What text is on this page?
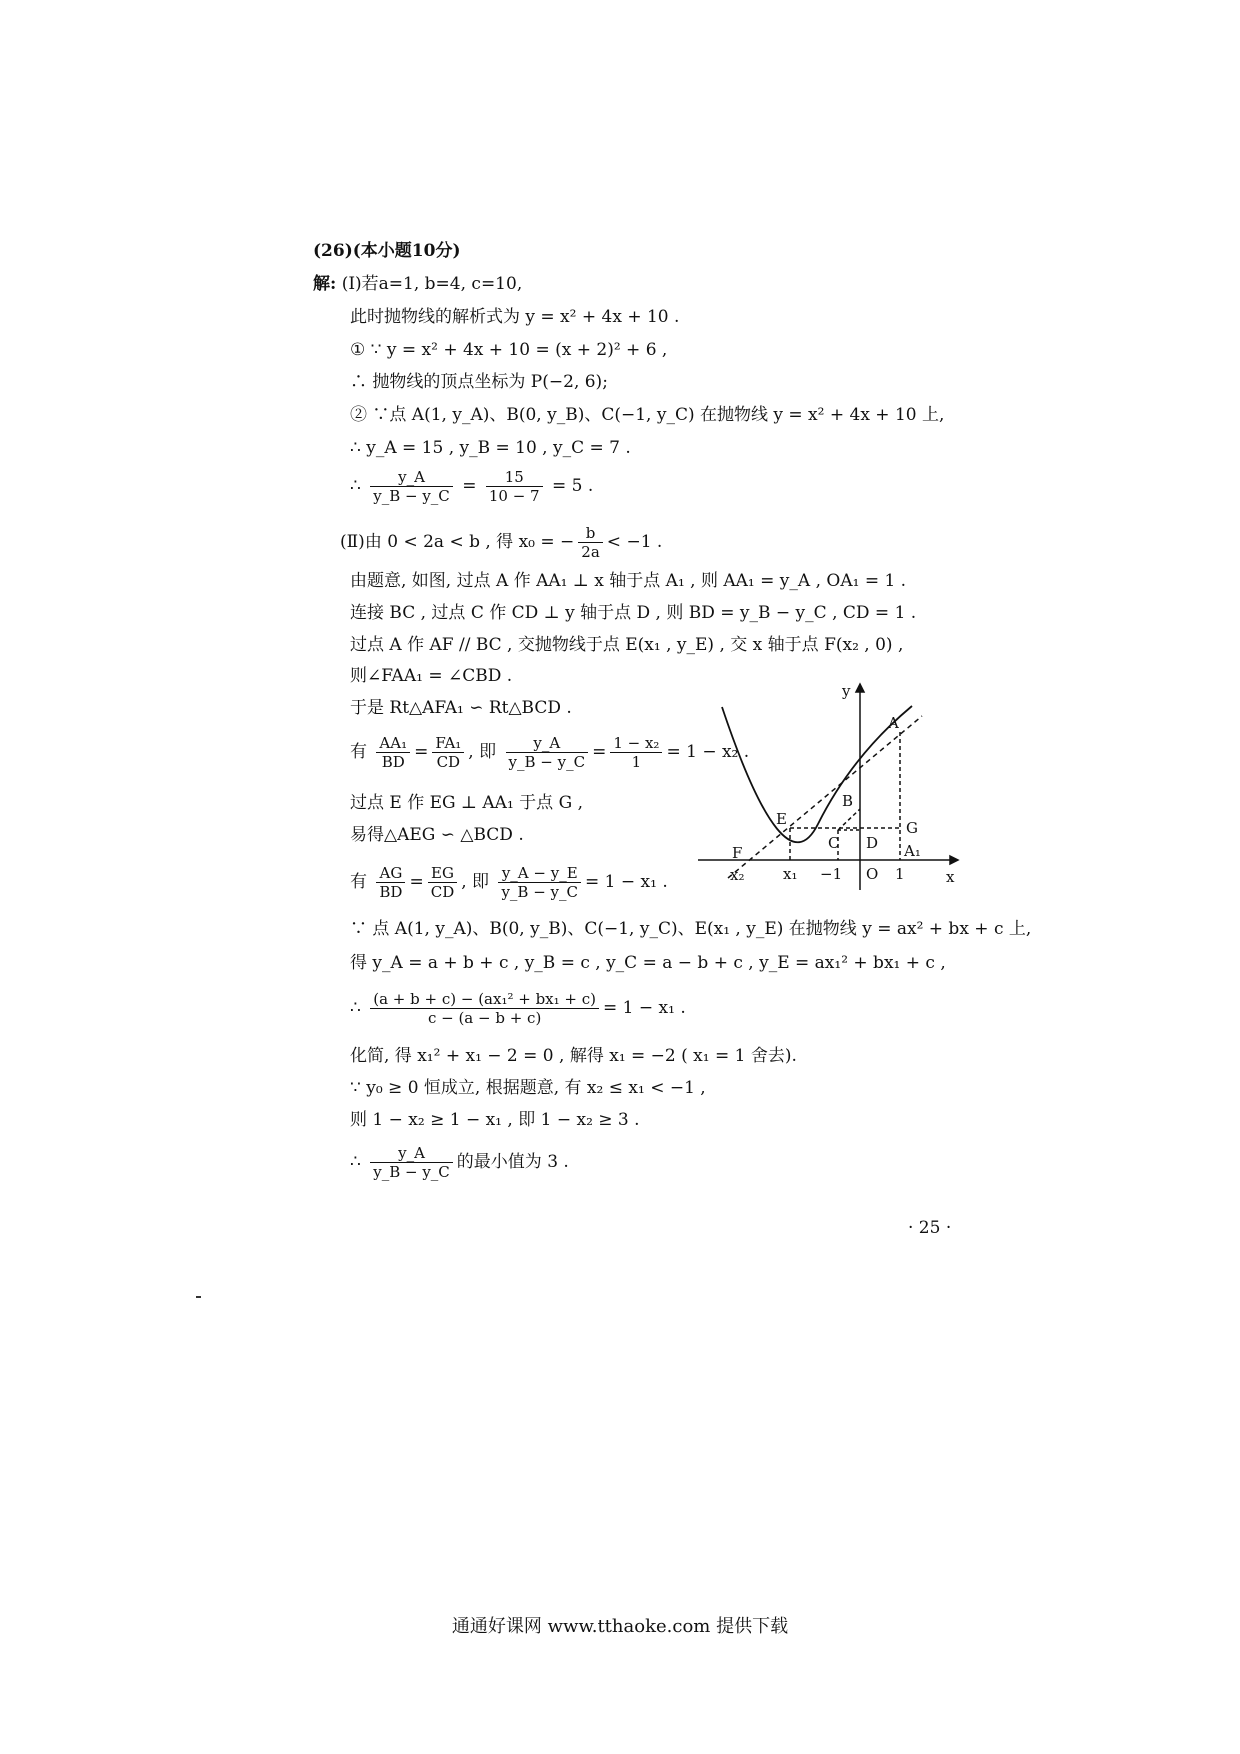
(26)(本小题10分)
解: (Ⅰ)若a=1, b=4, c=10,
此时抛物线的解析式为 y = x² + 4x + 10 .
① ∵ y = x² + 4x + 10 = (x + 2)² + 6 ,
∴ 抛物线的顶点坐标为 P(−2, 6);
② ∵点 A(1, y_A)、B(0, y_B)、C(−1, y_C) 在抛物线 y = x² + 4x + 10 上,
∴ y_A = 15 , y_B = 10 , y_C = 7 .
∴ $\frac{y\_A}{y\_B - y\_C} = \frac{15}{10 - 7} = 5$ .
(Ⅱ)由 0 < 2a < b , 得 x₀ = − $\frac{b}{2a} < -1$ .
由题意, 如图, 过点 A 作 AA₁ ⊥ x 轴于点 A₁ , 则 AA₁ = y_A , OA₁ = 1 .
连接 BC , 过点 C 作 CD ⊥ y 轴于点 D , 则 BD = y_B − y_C , CD = 1 .
过点 A 作 AF // BC , 交抛物线于点 E(x₁ , y_E) , 交 x 轴于点 F(x₂ , 0) ,
则∠FAA₁ = ∠CBD .
于是 Rt△AFA₁ ∽ Rt△BCD .
有 $\frac{\text{AA₁}}{BD} = \frac{\text{FA₁}}{CD}$ , 即 $\frac{y\_A}{y\_B - y\_C} = \frac{\text{1 − x₂}}{1} = 1 - x_2$ .
过点 E 作 EG ⊥ AA₁ 于点 G ,
易得△AEG ∽ △BCD .
有 $\frac{AG}{BD} = \frac{EG}{CD}$ , 即 $\frac{y\_A - y\_E}{y\_B - y\_C} = 1 - x_1$ .
∵ 点 A(1, y_A)、B(0, y_B)、C(−1, y_C)、E(x₁ , y_E) 在抛物线 y = ax² + bx + c 上,
得 y_A = a + b + c , y_B = c , y_C = a − b + c , y_E = ax₁² + bx₁ + c ,
∴ $\frac{\text{(a + b + c) − (ax₁² + bx₁ + c)}}{c - (a - b + c)} = 1 - x_1$ .
化简, 得 x₁² + x₁ − 2 = 0 , 解得 x₁ = −2 ( x₁ = 1 舍去).
∵ y₀ ≥ 0 恒成立, 根据题意, 有 x₂ ≤ x₁ < −1 ,
则 1 − x₂ ≥ 1 − x₁ , 即 1 − x₂ ≥ 3 .
∴ $\frac{y\_A}{y\_B - y\_C}$ 的最小值为 3 .
y
x
A
B
C D
E
F
G
A₁
O
x₂	x₁ −1	1
· 25 ·
通通好课网 www.tthaoke.com 提供下载
